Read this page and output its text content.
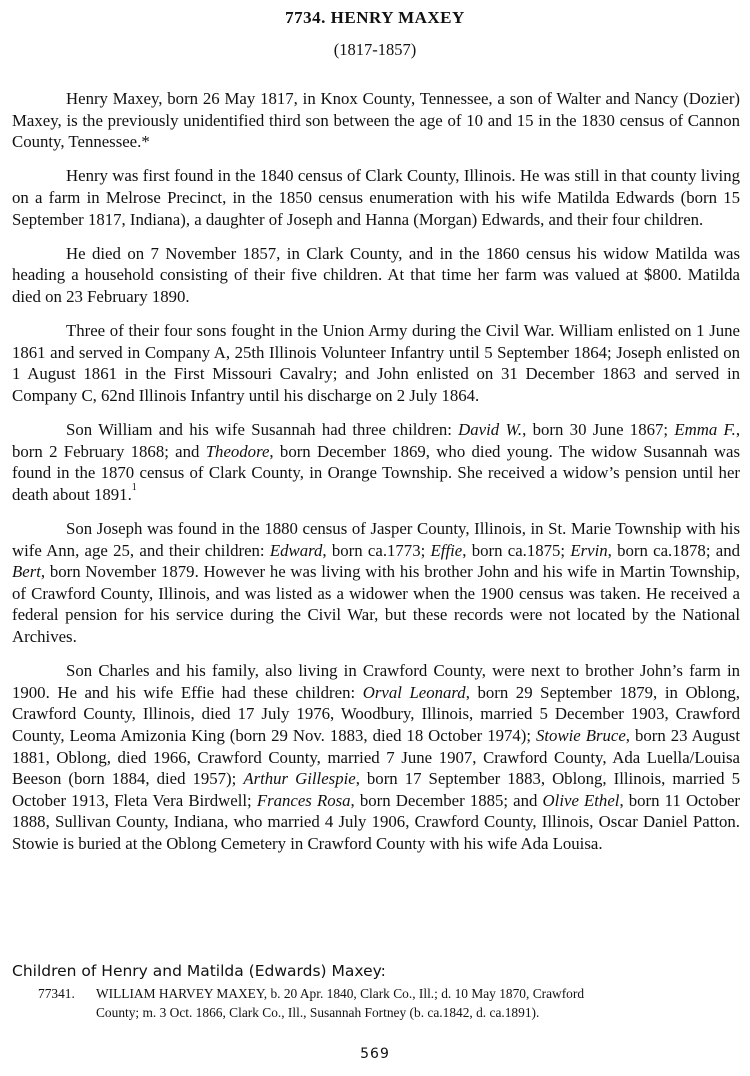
7734. HENRY MAXEY
(1817-1857)

Henry Maxey, born 26 May 1817, in Knox County, Tennessee, a son of Walter and Nancy (Dozier) Maxey, is the previously unidentified third son between the age of 10 and 15 in the 1830 census of Cannon County, Tennessee.*

Henry was first found in the 1840 census of Clark County, Illinois. He was still in that county living on a farm in Melrose Precinct, in the 1850 census enumeration with his wife Matilda Edwards (born 15 September 1817, Indiana), a daughter of Joseph and Hanna (Morgan) Edwards, and their four children.

He died on 7 November 1857, in Clark County, and in the 1860 census his widow Matilda was heading a household consisting of their five children. At that time her farm was valued at $800. Matilda died on 23 February 1890.

Three of their four sons fought in the Union Army during the Civil War. William enlisted on 1 June 1861 and served in Company A, 25th Illinois Volunteer Infantry until 5 September 1864; Joseph enlisted on 1 August 1861 in the First Missouri Cavalry; and John enlisted on 31 December 1863 and served in Company C, 62nd Illinois Infantry until his discharge on 2 July 1864.

Son William and his wife Susannah had three children: David W., born 30 June 1867; Emma F., born 2 February 1868; and Theodore, born December 1869, who died young. The widow Susannah was found in the 1870 census of Clark County, in Orange Township. She received a widow’s pension until her death about 1891.$^1$

Son Joseph was found in the 1880 census of Jasper County, Illinois, in St. Marie Township with his wife Ann, age 25, and their children: Edward, born ca.1773; Effie, born ca.1875; Ervin, born ca.1878; and Bert, born November 1879. However he was living with his brother John and his wife in Martin Township, of Crawford County, Illinois, and was listed as a widower when the 1900 census was taken. He received a federal pension for his service during the Civil War, but these records were not located by the National Archives.

Son Charles and his family, also living in Crawford County, were next to brother John’s farm in 1900. He and his wife Effie had these children: Orval Leonard, born 29 September 1879, in Oblong, Crawford County, Illinois, died 17 July 1976, Woodbury, Illinois, married 5 December 1903, Crawford County, Leoma Amizonia King (born 29 Nov. 1883, died 18 October 1974); Stowie Bruce, born 23 August 1881, Oblong, died 1966, Crawford County, married 7 June 1907, Crawford County, Ada Luella/Louisa Beeson (born 1884, died 1957); Arthur Gillespie, born 17 September 1883, Oblong, Illinois, married 5 October 1913, Fleta Vera Birdwell; Frances Rosa, born December 1885; and Olive Ethel, born 11 October 1888, Sullivan County, Indiana, who married 4 July 1906, Crawford County, Illinois, Oscar Daniel Patton. Stowie is buried at the Oblong Cemetery in Crawford County with his wife Ada Louisa.

Children of Henry and Matilda (Edwards) Maxey:
77341. WILLIAM HARVEY MAXEY, b. 20 Apr. 1840, Clark Co., Ill.; d. 10 May 1870, Crawford
County; m. 3 Oct. 1866, Clark Co., Ill., Susannah Fortney (b. ca.1842, d. ca.1891).
569
